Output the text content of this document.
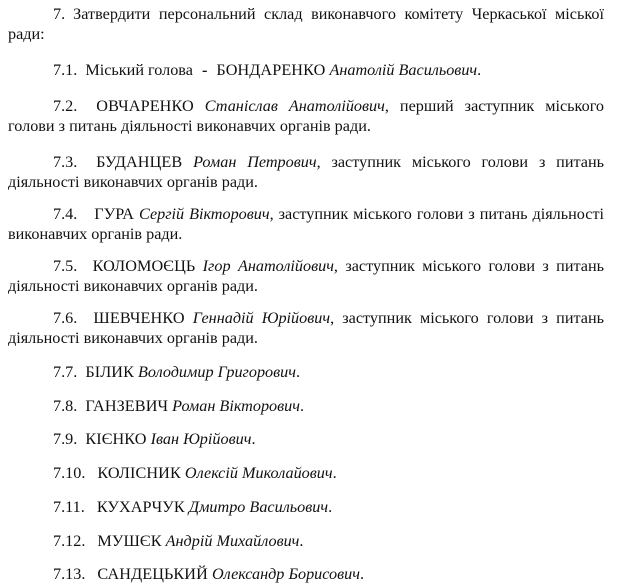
7. Затвердити персональний склад виконавчого комітету Черкаської міської ради:

7.1. Міський голова - БОНДАРЕНКО Анатолій Васильович.

7.2. ОВЧАРЕНКО Станіслав Анатолійович, перший заступник міського голови з питань діяльності виконавчих органів ради.

7.3. БУДАНЦЕВ Роман Петрович, заступник міського голови з питань діяльності виконавчих органів ради.

7.4. ГУРА Сергій Вікторович, заступник міського голови з питань діяльності виконавчих органів ради.

7.5. КОЛОМОЄЦЬ Ігор Анатолійович, заступник міського голови з питань діяльності виконавчих органів ради.

7.6. ШЕВЧЕНКО Геннадій Юрійович, заступник міського голови з питань діяльності виконавчих органів ради.

7.7. БІЛИК Володимир Григорович.

7.8. ГАНЗЕВИЧ Роман Вікторович.

7.9. КІЄНКО Іван Юрійович.

7.10. КОЛІСНИК Олексій Миколайович.

7.11. КУХАРЧУК Дмитро Васильович.

7.12. МУШЄК Андрій Михайлович.

7.13. САНДЕЦЬКИЙ Олександр Борисович.
